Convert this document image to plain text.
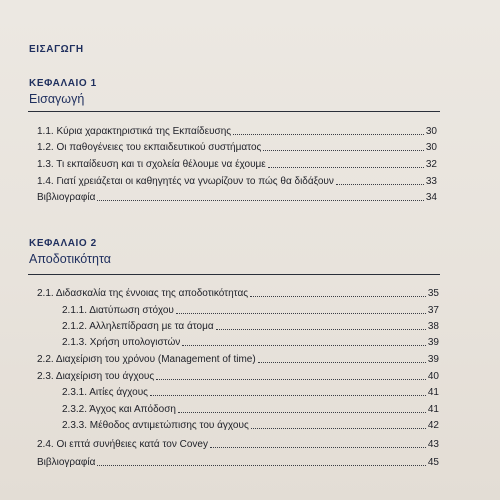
ΕΙΣΑΓΩΓΗ
ΚΕΦΑΛΑΙΟ 1
Εισαγωγή
1.1. Κύρια χαρακτηριστικά της Εκπαίδευσης	30
1.2. Οι παθογένειες του εκπαιδευτικού συστήματος	30
1.3. Τι εκπαίδευση και τι σχολεία θέλουμε να έχουμε	32
1.4. Γιατί χρειάζεται οι καθηγητές να γνωρίζουν το πώς θα διδάξουν	33
Βιβλιογραφία	34
ΚΕΦΑΛΑΙΟ 2
Αποδοτικότητα
2.1. Διδασκαλία της έννοιας της αποδοτικότητας	35
2.1.1. Διατύπωση στόχου	37
2.1.2. Αλληλεπίδραση με τα άτομα	38
2.1.3. Χρήση υπολογιστών	39
2.2. Διαχείριση του χρόνου (Management of time)	39
2.3. Διαχείριση του άγχους	40
2.3.1. Αιτίες άγχους	41
2.3.2. Άγχος και Απόδοση	41
2.3.3. Μέθοδος αντιμετώπισης του άγχους	42
2.4. Οι επτά συνήθειες κατά τον Covey	43
Βιβλιογραφία	45
